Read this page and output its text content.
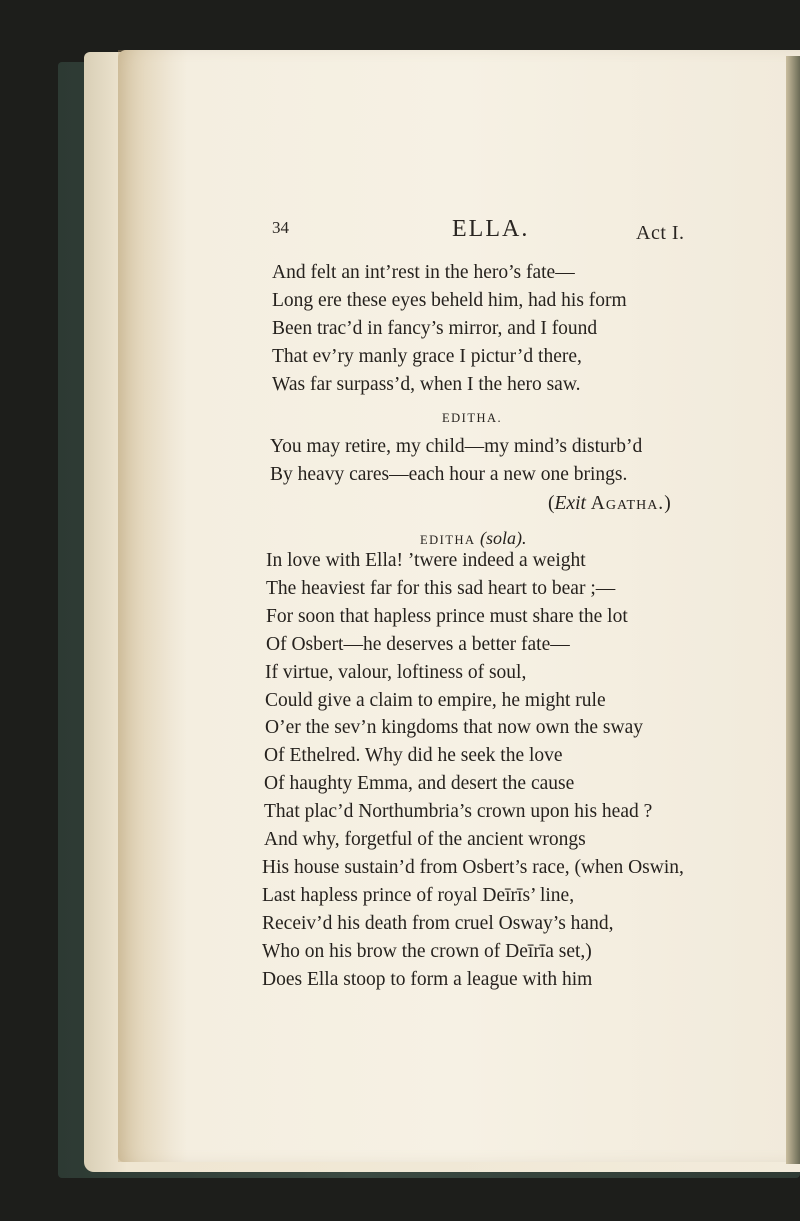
34	ELLA.	Act I.
And felt an int’rest in the hero’s fate—
Long ere these eyes beheld him, had his form
Been trac’d in fancy’s mirror, and I found
That ev’ry manly grace I pictur’d there,
Was far surpass’d, when I the hero saw.
EDITHA.
You may retire, my child—my mind’s disturb’d
By heavy cares—each hour a new one brings.
(Exit Agatha.)
EDITHA (sola).
In love with Ella! ’twere indeed a weight
The heaviest far for this sad heart to bear ;—
For soon that hapless prince must share the lot
Of Osbert—he deserves a better fate—
If virtue, valour, loftiness of soul,
Could give a claim to empire, he might rule
O’er the sev’n kingdoms that now own the sway
Of Ethelred. Why did he seek the love
Of haughty Emma, and desert the cause
That plac’d Northumbria’s crown upon his head ?
And why, forgetful of the ancient wrongs
His house sustain’d from Osbert’s race, (when Oswin,
Last hapless prince of royal Deīrīs’ line,
Receiv’d his death from cruel Osway’s hand,
Who on his brow the crown of Deīrīa set,)
Does Ella stoop to form a league with him
